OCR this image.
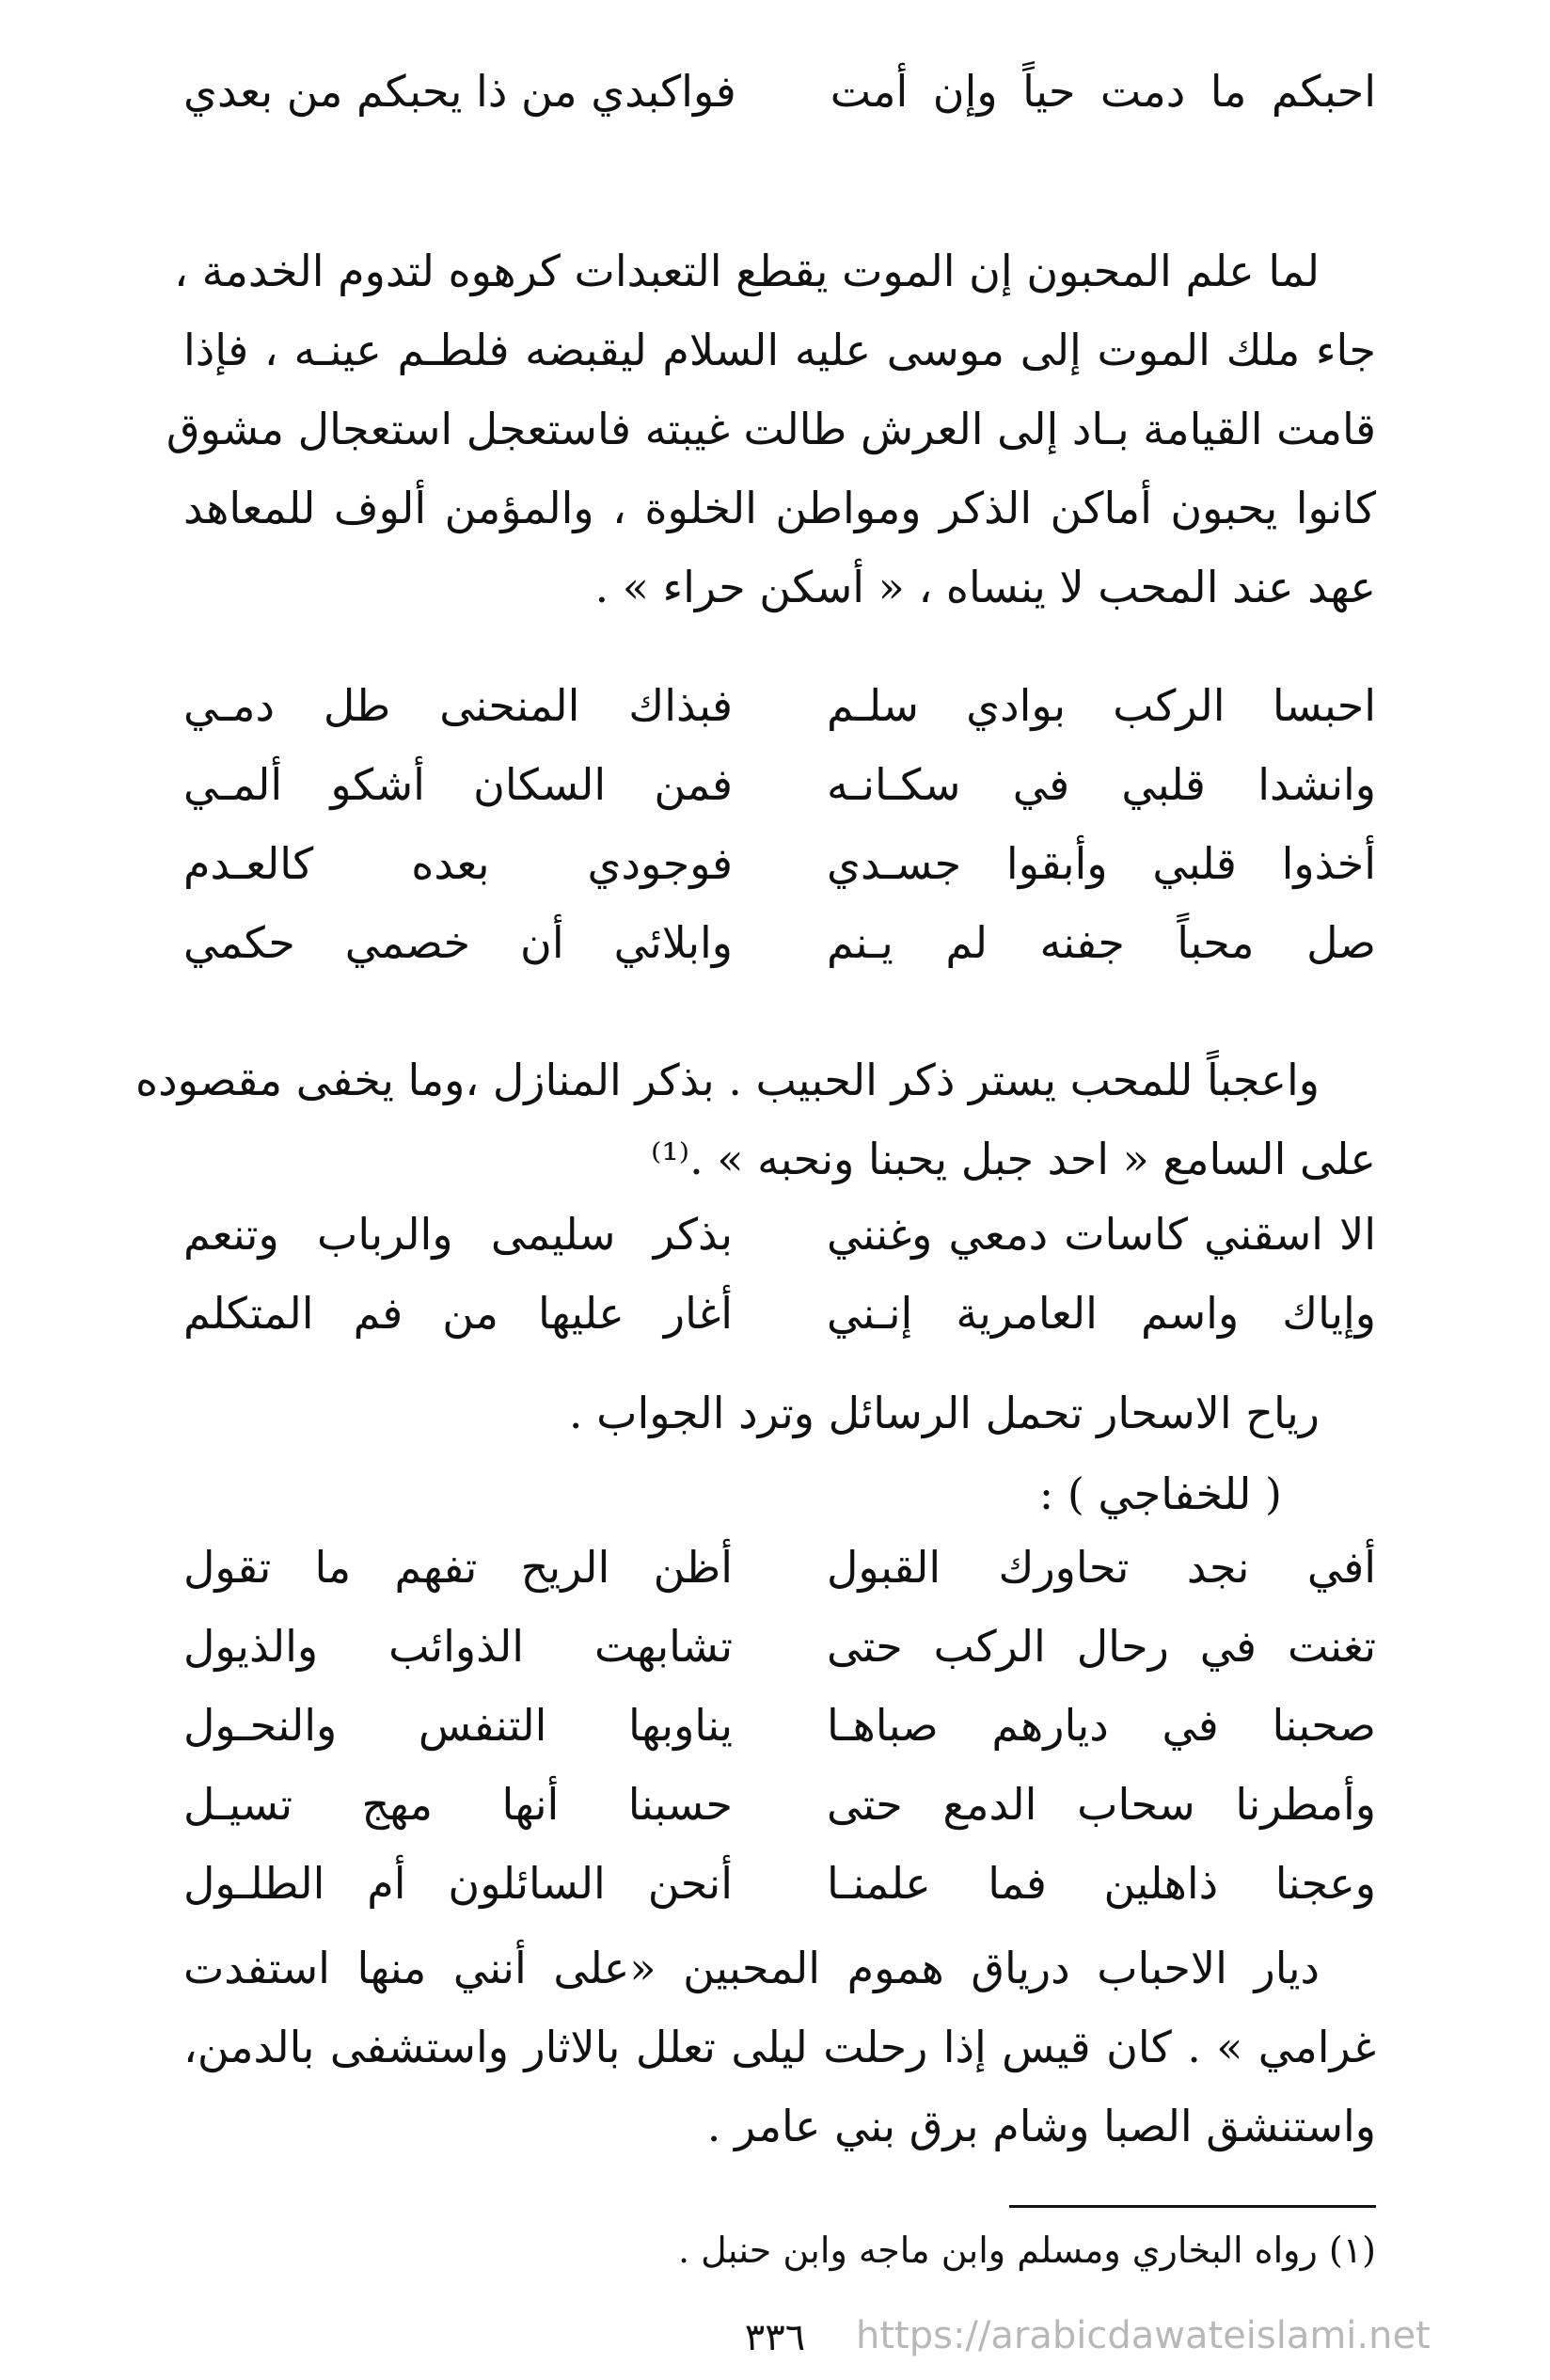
احبكم ما دمت حياً وإن أمت
فواكبدي من ذا يحبكم من بعدي
لما علم المحبون إن الموت يقطع التعبدات كرهوه لتدوم الخدمة ،
جاء ملك الموت إلى موسى عليه السلام ليقبضه فلطـم عينـه ، فإذا
قامت القيامة بـاد إلى العرش طالت غيبته فاستعجل استعجال مشوق
كانوا يحبون أماكن الذكر ومواطن الخلوة ، والمؤمن ألوف للمعاهد
عهد عند المحب لا ينساه ، « أسكن حراء » .
احبسا الركب بوادي سلـم
فبذاك المنحنى طل دمـي
وانشدا قلبي في سكـانـه
فمن السكان أشكو ألمـي
أخذوا قلبي وأبقوا جسـدي
فوجودي بعده كالعـدم
صل محباً جفنه لم يـنم
وابلائي أن خصمي حكمي
واعجباً للمحب يستر ذكر الحبيب . بذكر المنازل ،وما يخفى مقصوده
على السامع « احد جبل يحبنا ونحبه » .⁽¹⁾
الا اسقني كاسات دمعي وغنني
بذكر سليمى والرباب وتنعم
وإياك واسم العامرية إنـني
أغار عليها من فم المتكلم
رياح الاسحار تحمل الرسائل وترد الجواب .
( للخفاجي ) :
أفي نجد تحاورك القبول
أظن الريح تفهم ما تقول
تغنت في رحال الركب حتى
تشابهت الذوائب والذيول
صحبنا في ديارهم صباهـا
يناوبها التنفس والنحـول
وأمطرنا سحاب الدمع حتى
حسبنا أنها مهج تسيـل
وعجنا ذاهلين فما علمنـا
أنحن السائلون أم الطلـول
ديار الاحباب درياق هموم المحبين «على أنني منها استفدت
غرامي » . كان قيس إذا رحلت ليلى تعلل بالاثار واستشفى بالدمن،
واستنشق الصبا وشام برق بني عامر .
(١) رواه البخاري ومسلم وابن ماجه وابن حنبل .
٣٣٦	https://arabicdawateislami.net
